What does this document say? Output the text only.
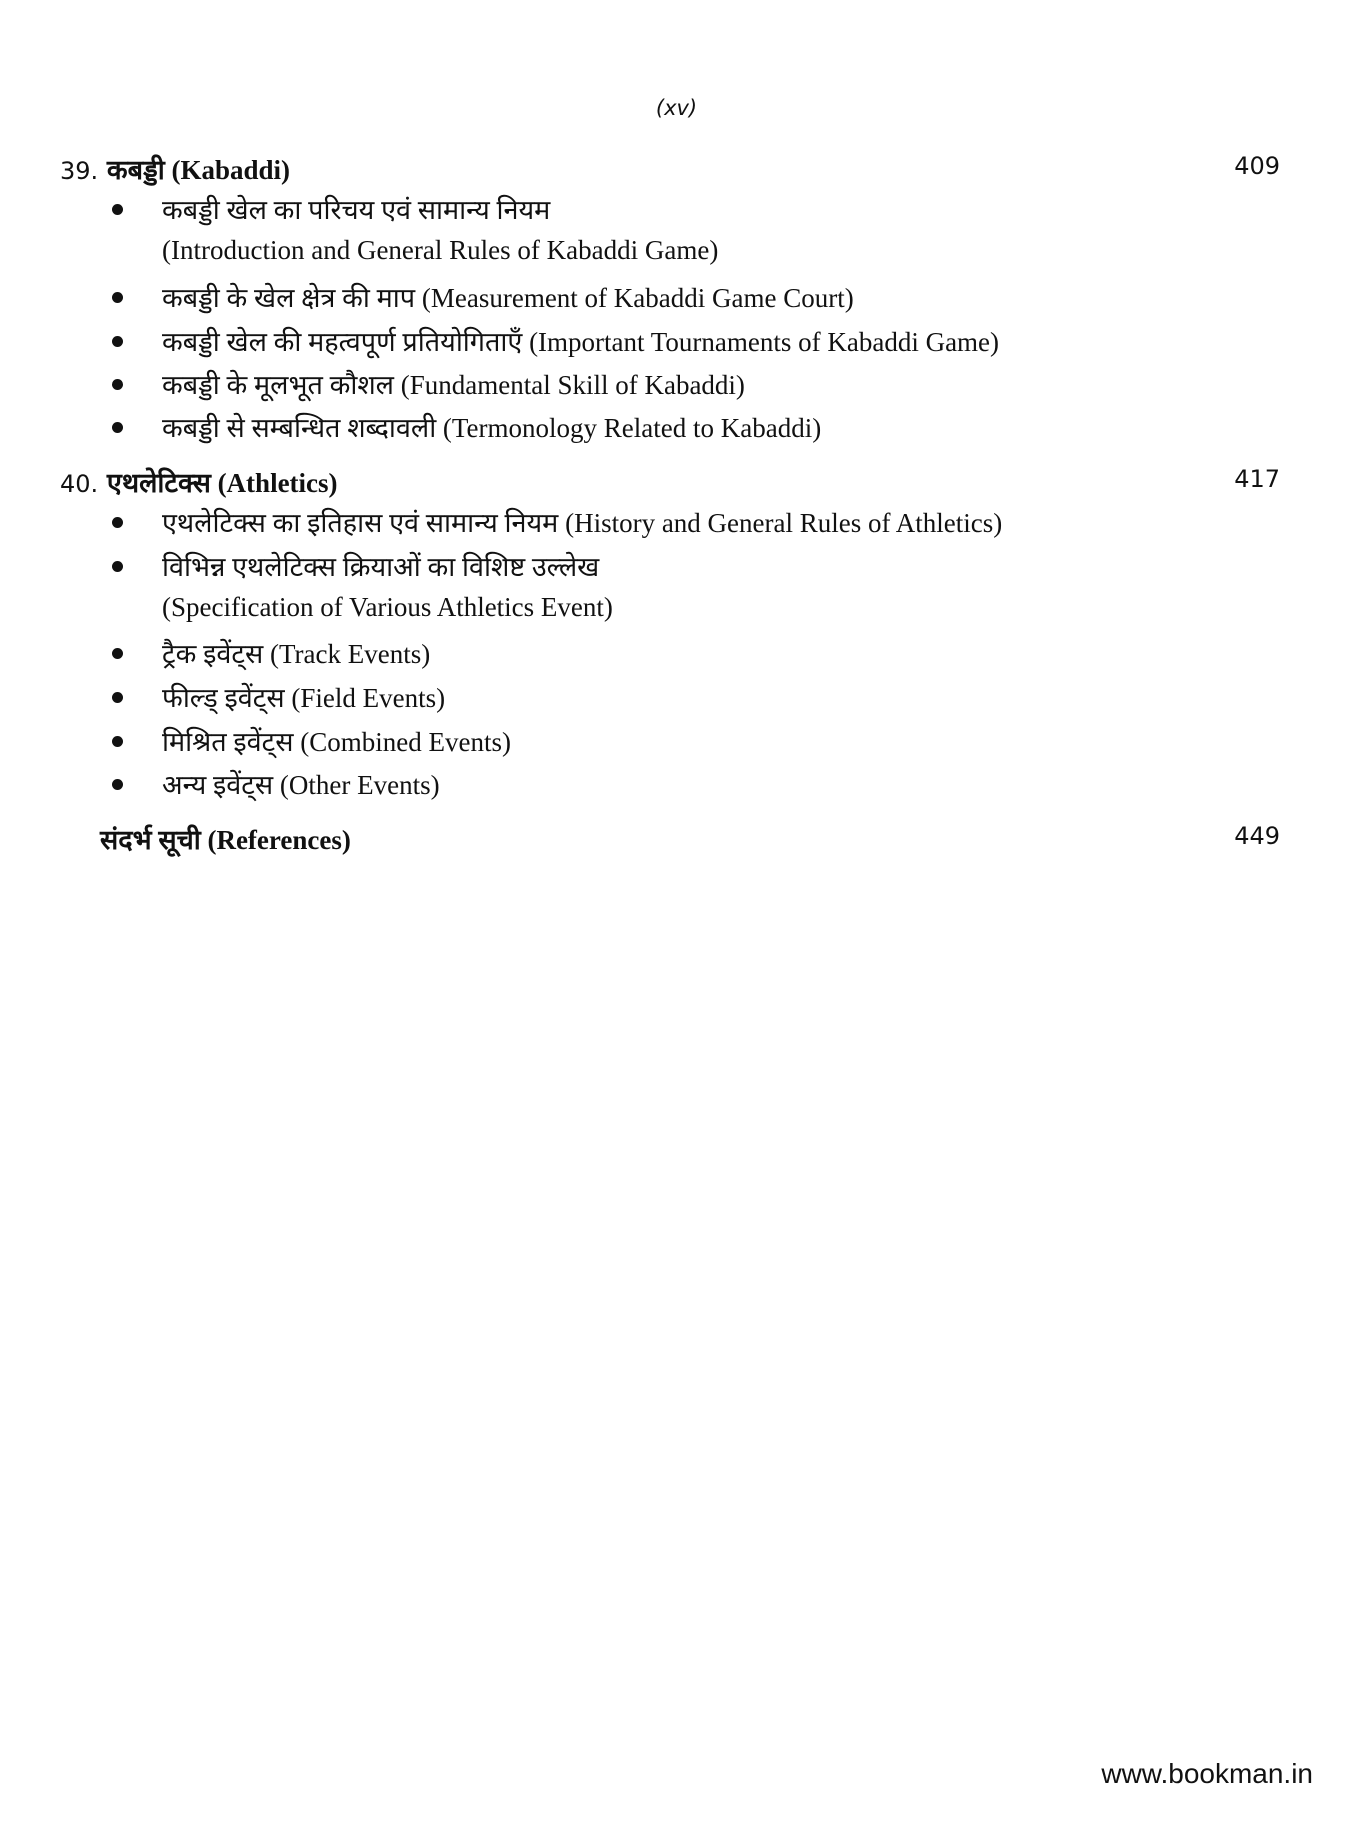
(xv)
39. कबड्डी (Kabaddi)	409
कबड्डी खेल का परिचय एवं सामान्य नियम
(Introduction and General Rules of Kabaddi Game)
कबड्डी के खेल क्षेत्र की माप (Measurement of Kabaddi Game Court)
कबड्डी खेल की महत्वपूर्ण प्रतियोगिताएँ (Important Tournaments of Kabaddi Game)
कबड्डी के मूलभूत कौशल (Fundamental Skill of Kabaddi)
कबड्डी से सम्बन्धित शब्दावली (Termonology Related to Kabaddi)
40. एथलेटिक्स (Athletics)	417
एथलेटिक्स का इतिहास एवं सामान्य नियम (History and General Rules of Athletics)
विभिन्न एथलेटिक्स क्रियाओं का विशिष्ट उल्लेख
(Specification of Various Athletics Event)
ट्रैक इवेंट्स (Track Events)
फील्ड् इवेंट्स (Field Events)
मिश्रित इवेंट्स (Combined Events)
अन्य इवेंट्स (Other Events)
संदर्भ सूची (References)	449
www.bookman.in
